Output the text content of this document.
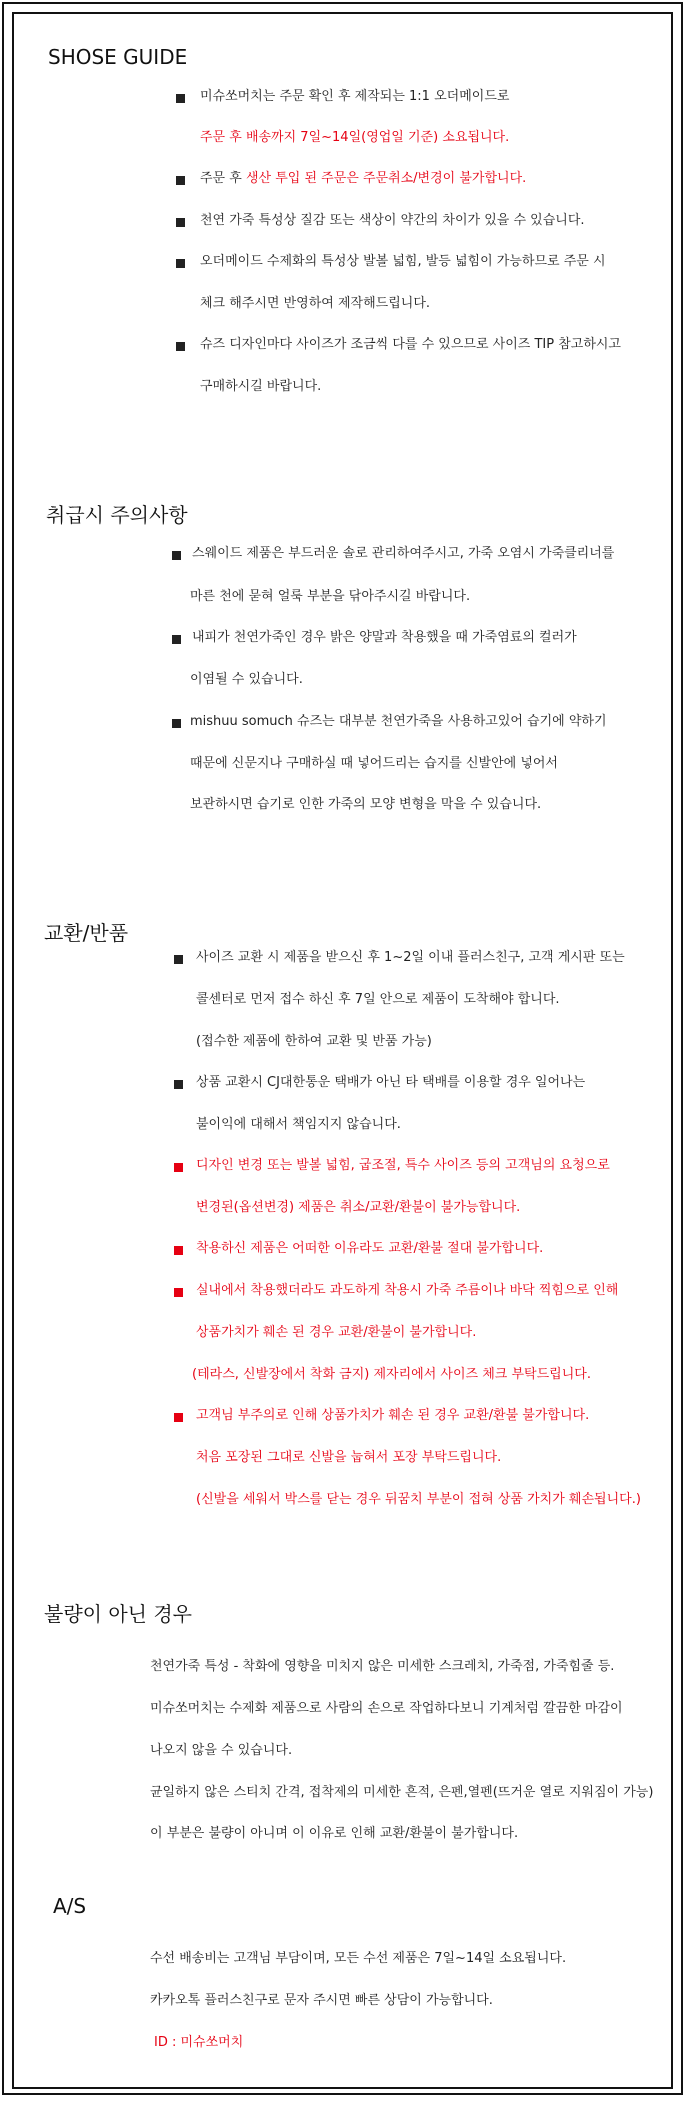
SHOSE GUIDE
미슈쏘머치는 주문 확인 후 제작되는 1:1 오더메이드로
주문 후 배송까지 7일~14일(영업일 기준) 소요됩니다.
주문 후 생산 투입 된 주문은 주문취소/변경이 불가합니다.
천연 가죽 특성상 질감 또는 색상이 약간의 차이가 있을 수 있습니다.
오더메이드 수제화의 특성상 발볼 넓힘, 발등 넓힘이 가능하므로 주문 시
체크 해주시면 반영하여 제작해드립니다.
슈즈 디자인마다 사이즈가 조금씩 다를 수 있으므로 사이즈 TIP 참고하시고
구매하시길 바랍니다.
취급시 주의사항
스웨이드 제품은 부드러운 솔로 관리하여주시고, 가죽 오염시 가죽클리너를
마른 천에 묻혀 얼룩 부분을 닦아주시길 바랍니다.
내피가 천연가죽인 경우 밝은 양말과 착용했을 때 가죽염료의 컬러가
이염될 수 있습니다.
mishuu somuch 슈즈는 대부분 천연가죽을 사용하고있어 습기에 약하기
때문에 신문지나 구매하실 때 넣어드리는 습지를 신발안에 넣어서
보관하시면 습기로 인한 가죽의 모양 변형을 막을 수 있습니다.
교환/반품
사이즈 교환 시 제품을 받으신 후 1~2일 이내 플러스친구, 고객 게시판 또는
콜센터로 먼저 접수 하신 후 7일 안으로 제품이 도착해야 합니다.
(접수한 제품에 한하여 교환 및 반품 가능)
상품 교환시 CJ대한통운 택배가 아닌 타 택배를 이용할 경우 일어나는
불이익에 대해서 책임지지 않습니다.
디자인 변경 또는 발볼 넓힘, 굽조절, 특수 사이즈 등의 고객님의 요청으로
변경된(옵션변경) 제품은 취소/교환/환불이 불가능합니다.
착용하신 제품은 어떠한 이유라도 교환/환불 절대 불가합니다.
실내에서 착용했더라도 과도하게 착용시 가죽 주름이나 바닥 찍힘으로 인해
상품가치가 훼손 된 경우 교환/환불이 불가합니다.
(테라스, 신발장에서 착화 금지) 제자리에서 사이즈 체크 부탁드립니다.
고객님 부주의로 인해 상품가치가 훼손 된 경우 교환/환불 불가합니다.
처음 포장된 그대로 신발을 눕혀서 포장 부탁드립니다.
(신발을 세워서 박스를 닫는 경우 뒤꿈치 부분이 접혀 상품 가치가 훼손됩니다.)
불량이 아닌 경우
천연가죽 특성 - 착화에 영향을 미치지 않은 미세한 스크레치, 가죽점, 가죽힘줄 등.
미슈쏘머치는 수제화 제품으로 사람의 손으로 작업하다보니 기계처럼 깔끔한 마감이
나오지 않을 수 있습니다.
균일하지 않은 스티치 간격, 접착제의 미세한 흔적, 은펜,열펜(뜨거운 열로 지워짐이 가능)
이 부분은 불량이 아니며 이 이유로 인해 교환/환불이 불가합니다.
A/S
수선 배송비는 고객님 부담이며, 모든 수선 제품은 7일~14일 소요됩니다.
카카오톡 플러스친구로 문자 주시면 빠른 상담이 가능합니다.
ID : 미슈쏘머치
